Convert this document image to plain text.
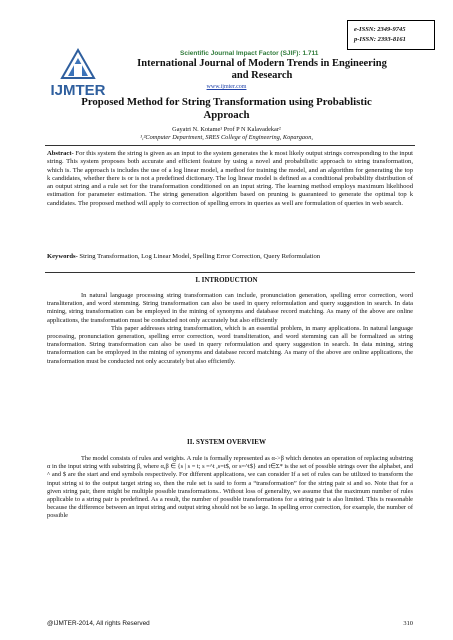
e-ISSN: 2349-9745
p-ISSN: 2393-8161
IJMTER
Scientific Journal Impact Factor (SJIF): 1.711
International Journal of Modern Trends in Engineering
and Research
www.ijmter.com
Proposed Method for String Transformation using Probablistic
Approach
Gayatri N. Kotame¹ Prof P N Kalavadekar²
¹,²Computer Department, SRES College of Engineering, Kopargaon,
Abstract- For this system the string is given as an input to the system generates the k most likely output strings corresponding to the input string. This system proposes both accurate and efficient feature by using a novel and probabilistic approach to string transformation, which is. The approach is includes the use of a log linear model, a method for training the model, and an algorithm for generating the top k candidates, whether there is or is not a predefined dictionary. The log linear model is defined as a conditional probability distribution of an output string and a rule set for the transformation conditioned on an input string. The learning method employs maximum likelihood estimation for parameter estimation. The string generation algorithm based on pruning is guaranteed to generate the optimal top k candidates. The proposed method will apply to correction of spelling errors in queries as well are formulation of queries in web search.
Keywords- String Transformation, Log Linear Model, Spelling Error Correction, Query Reformulation
I. INTRODUCTION

In natural language processing string transformation can include, pronunciation generation, spelling error correction, word transliteration, and word stemming. String transformation can also be used in query reformulation and query suggestion in search. In data mining, string transformation can be employed in the mining of synonyms and database record matching. As many of the above are online applications, the transformation must be conducted not only accurately but also efficiently

This paper addresses string transformation, which is an essential problem, in many applications. In natural language processing, pronunciation generation, spelling error correction, word transliteration, and word stemming can all be formalized as string transformation. String transformation can also be used in query reformulation and query suggestion in search. In data mining, string transformation can be employed in the mining of synonyms and database record matching. As many of the above are online applications, the transformation must be conducted not only accurately but also efficiently.

II. SYSTEM OVERVIEW

The model consists of rules and weights. A rule is formally represented as α->β which denotes an operation of replacing substring α in the input string with substring β, where α,β ∈ {s | s = t; s =^t ,s=t$, or s=^t$} and t∈Σ* is the set of possible strings over the alphabet, and ^ and $ are the start and end symbols respectively. For different applications, we can consider If a set of rules can be utilized to transform the input string si to the output target string so, then the rule set is said to form a “transformation” for the string pair si and so. Note that for a given string pair, there might be multiple possible transformations.. Without loss of generality, we assume that the maximum number of rules applicable to a string pair is predefined. As a result, the number of possible transformations for a string pair is also limited. This is reasonable because the difference between an input string and output string should not be so large. In spelling error correction, for example, the number of possible

@IJMTER-2014, All rights Reserved	310
